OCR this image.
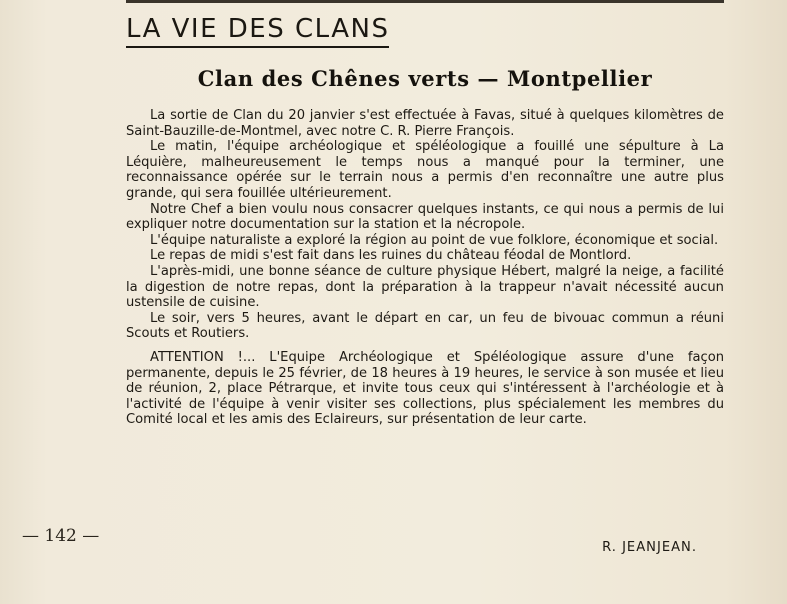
LA VIE DES CLANS
Clan des Chênes verts — Montpellier

La sortie de Clan du 20 janvier s'est effectuée à Favas, situé à quelques kilomètres de Saint-Bauzille-de-Montmel, avec notre C. R. Pierre François.

Le matin, l'équipe archéologique et spéléologique a fouillé une sépulture à La Léquière, malheureusement le temps nous a manqué pour la terminer, une reconnaissance opérée sur le terrain nous a permis d'en reconnaître une autre plus grande, qui sera fouillée ultérieurement.

Notre Chef a bien voulu nous consacrer quelques instants, ce qui nous a permis de lui expliquer notre documentation sur la station et la nécropole.

L'équipe naturaliste a exploré la région au point de vue folklore, économique et social.

Le repas de midi s'est fait dans les ruines du château féodal de Montlord.

L'après-midi, une bonne séance de culture physique Hébert, malgré la neige, a facilité la digestion de notre repas, dont la préparation à la trappeur n'avait nécessité aucun ustensile de cuisine.

Le soir, vers 5 heures, avant le départ en car, un feu de bivouac commun a réuni Scouts et Routiers.

ATTENTION !... L'Equipe Archéologique et Spéléologique assure d'une façon permanente, depuis le 25 février, de 18 heures à 19 heures, le service à son musée et lieu de réunion, 2, place Pétrarque, et invite tous ceux qui s'intéressent à l'archéologie et à l'activité de l'équipe à venir visiter ses collections, plus spécialement les membres du Comité local et les amis des Eclaireurs, sur présentation de leur carte.

R. JEANJEAN.
— 142 —
